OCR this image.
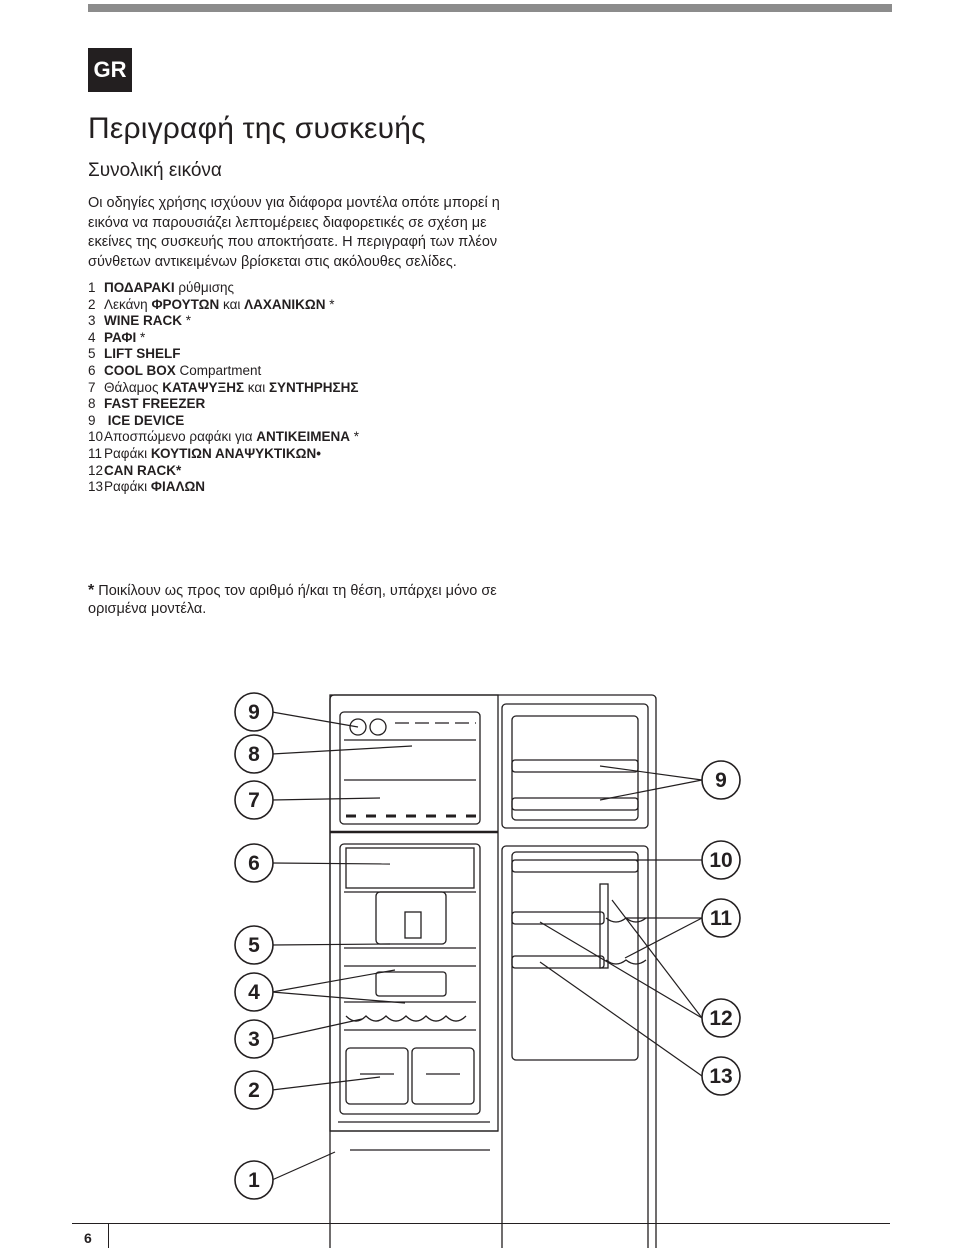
GR
Περιγραφή της συσκευής
Συνολική εικόνα

Οι οδηγίες χρήσης ισχύουν για διάφορα μοντέλα οπότε μπορεί η εικόνα να παρουσιάζει λεπτομέρειες διαφορετικές σε σχέση με εκείνες της συσκευής που αποκτήσατε. Η περιγραφή των πλέον σύνθετων αντικειμένων βρίσκεται στις ακόλουθες σελίδες.

1 ΠΟΔΑΡΑΚΙ ρύθμισης
2 Λεκάνη ΦΡΟΥΤΩΝ και ΛΑΧΑΝΙΚΩΝ *
3 WINE RACK *
4 ΡΑΦΙ *
5 LIFT SHELF
6 COOL BOX Compartment
7 Θάλαμος ΚΑΤΑΨΥΞΗΣ και ΣΥΝΤΗΡΗΣΗΣ
8 FAST FREEZER
9 ICE DEVICE
10Αποσπώμενο ραφάκι για ΑΝΤΙΚΕΙΜΕΝΑ *
11 Ραφάκι ΚΟΥΤΙΩΝ ΑΝΑΨΥΚΤΙΚΩΝ•
12CAN RACK*
13Ραφάκι ΦΙΑΛΩΝ

* Ποικίλουν ως προς τον αριθμό ή/και τη θέση, υπάρχει μόνο σε ορισμένα μοντέλα.

9
8
7
6
5
4
3
2
1
9
10
11
12
13
6
